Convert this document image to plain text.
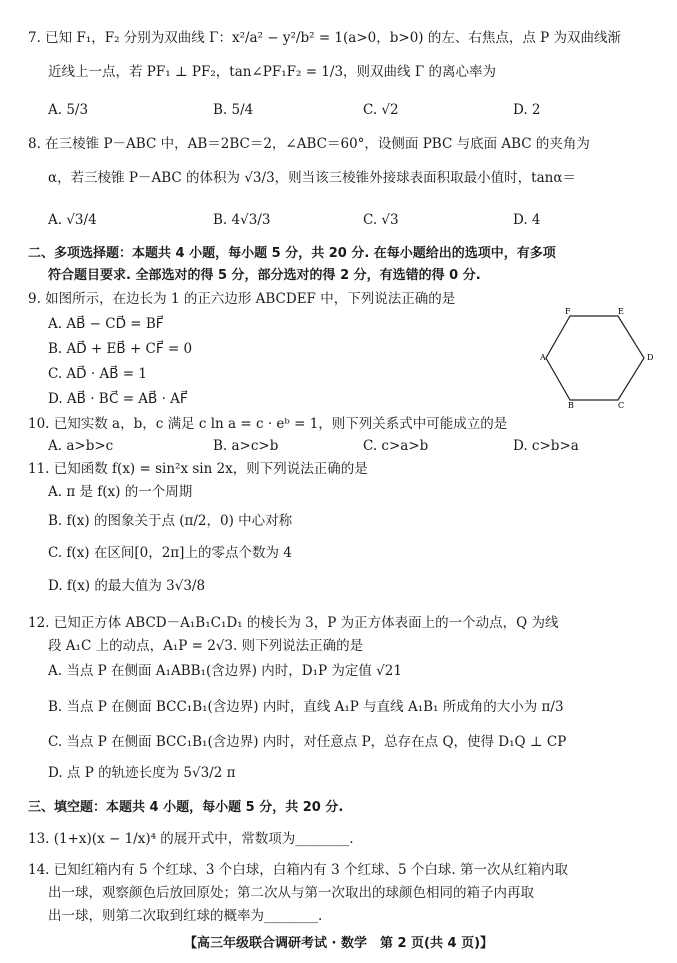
7. 已知 F₁，F₂ 分别为双曲线 Γ：x²/a² − y²/b² = 1(a>0，b>0) 的左、右焦点，点 P 为双曲线渐
近线上一点，若 PF₁ ⊥ PF₂，tan∠PF₁F₂ = 1/3，则双曲线 Γ 的离心率为
A. 5/3	B. 5/4	C. √2	D. 2
8. 在三棱锥 P－ABC 中，AB＝2BC＝2，∠ABC＝60°，设侧面 PBC 与底面 ABC 的夹角为
α，若三棱锥 P－ABC 的体积为 √3/3，则当该三棱锥外接球表面积取最小值时，tanα＝
A. √3/4	B. 4√3/3	C. √3	D. 4
二、多项选择题：本题共 4 小题，每小题 5 分，共 20 分. 在每小题给出的选项中，有多项
符合题目要求. 全部选对的得 5 分，部分选对的得 2 分，有选错的得 0 分.
9. 如图所示，在边长为 1 的正六边形 ABCDEF 中，下列说法正确的是
A. AB⃗ − CD⃗ = BF⃗
B. AD⃗ + EB⃗ + CF⃗ = 0
C. AD⃗ · AB⃗ = 1
D. AB⃗ · BC⃗ = AB⃗ · AF⃗
F	E
D
C
B
A
10. 已知实数 a，b，c 满足 c ln a = c · eᵇ = 1，则下列关系式中可能成立的是
A. a>b>c	B. a>c>b	C. c>a>b	D. c>b>a
11. 已知函数 f(x) = sin²x sin 2x，则下列说法正确的是
A. π 是 f(x) 的一个周期
B. f(x) 的图象关于点 (π/2，0) 中心对称
C. f(x) 在区间[0，2π]上的零点个数为 4
D. f(x) 的最大值为 3√3/8
12. 已知正方体 ABCD－A₁B₁C₁D₁ 的棱长为 3，P 为正方体表面上的一个动点，Q 为线
段 A₁C 上的动点，A₁P = 2√3. 则下列说法正确的是
A. 当点 P 在侧面 A₁ABB₁(含边界) 内时，D₁P 为定值 √21
B. 当点 P 在侧面 BCC₁B₁(含边界) 内时，直线 A₁P 与直线 A₁B₁ 所成角的大小为 π/3
C. 当点 P 在侧面 BCC₁B₁(含边界) 内时，对任意点 P，总存在点 Q，使得 D₁Q ⊥ CP
D. 点 P 的轨迹长度为 5√3/2 π
三、填空题：本题共 4 小题，每小题 5 分，共 20 分.
13. (1+x)(x − 1/x)⁴ 的展开式中，常数项为________.
14. 已知红箱内有 5 个红球、3 个白球，白箱内有 3 个红球、5 个白球. 第一次从红箱内取
出一球，观察颜色后放回原处；第二次从与第一次取出的球颜色相同的箱子内再取
出一球，则第二次取到红球的概率为________.
【高三年级联合调研考试 · 数学　第 2 页(共 4 页)】
